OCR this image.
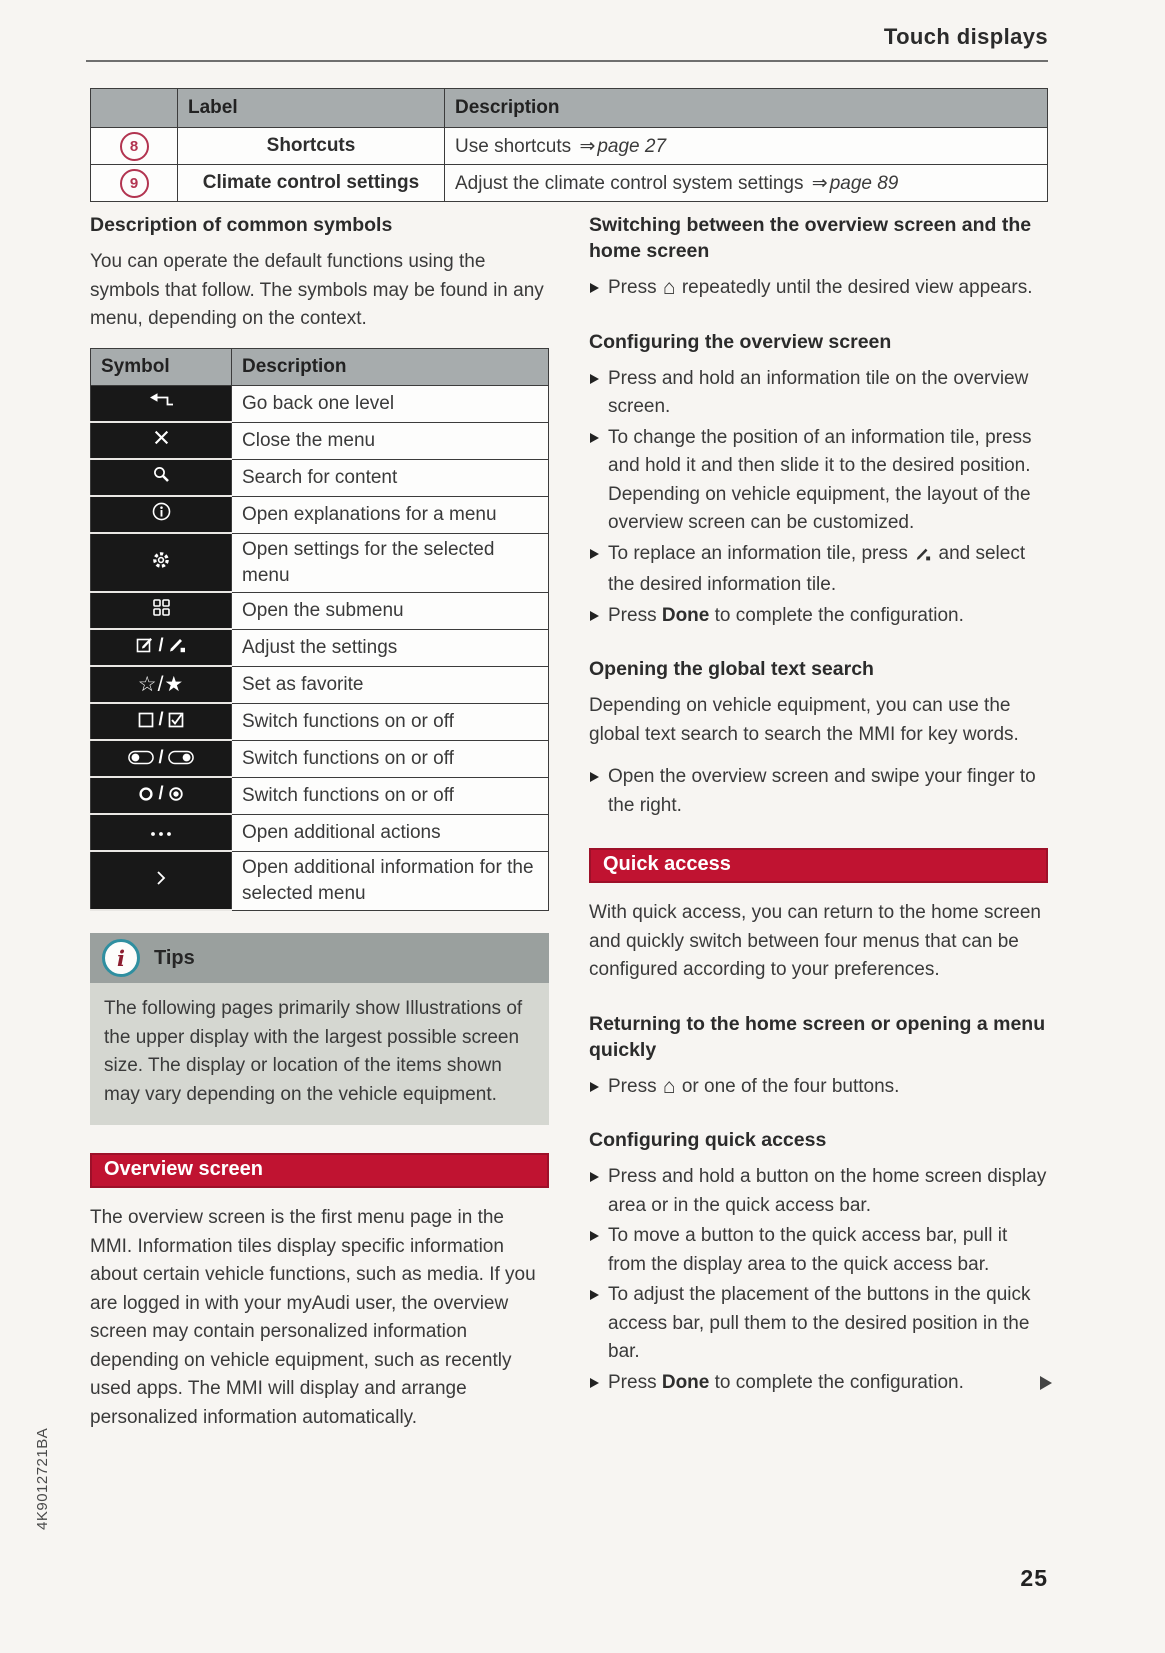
Touch displays
	Label	Description
8	Shortcuts	Use shortcuts ⇒ page 27
9	Climate control settings	Adjust the climate control system settings ⇒ page 89
Description of common symbols
You can operate the default functions using the symbols that follow. The symbols may be found in any menu, depending on the context.
Symbol	Description

	Go back one level

	Close the menu

	Search for content

	Open explanations for a menu

	Open settings for the selected menu

	Open the submenu

/	Adjust the settings

☆/★	Set as favorite

/	Switch functions on or off

/	Switch functions on or off

/	Switch functions on or off

	Open additional actions

	Open additional information for the selected menu
i	Tips
The following pages primarily show Illustrations of the upper display with the largest possible screen size. The display or location of the items shown may vary depending on the vehicle equipment.
Overview screen
The overview screen is the first menu page in the MMI. Information tiles display specific information about certain vehicle functions, such as media. If you are logged in with your myAudi user, the overview screen may contain personalized information depending on vehicle equipment, such as recently used apps. The MMI will display and arrange personalized information automatically.
Switching between the overview screen and the home screen
Press ⌂ repeatedly until the desired view appears.
Configuring the overview screen
Press and hold an information tile on the overview screen.
To change the position of an information tile, press and hold it and then slide it to the desired position. Depending on vehicle equipment, the layout of the overview screen can be customized.
To replace an information tile, press  and select the desired information tile.
Press Done to complete the configuration.
Opening the global text search
Depending on vehicle equipment, you can use the global text search to search the MMI for key words.
Open the overview screen and swipe your finger to the right.
Quick access
With quick access, you can return to the home screen and quickly switch between four menus that can be configured according to your preferences.
Returning to the home screen or opening a menu quickly
Press ⌂ or one of the four buttons.
Configuring quick access
Press and hold a button on the home screen display area or in the quick access bar.
To move a button to the quick access bar, pull it from the display area to the quick access bar.
To adjust the placement of the buttons in the quick access bar, pull them to the desired position in the bar.
Press Done to complete the configuration.
25
4K9012721BA
